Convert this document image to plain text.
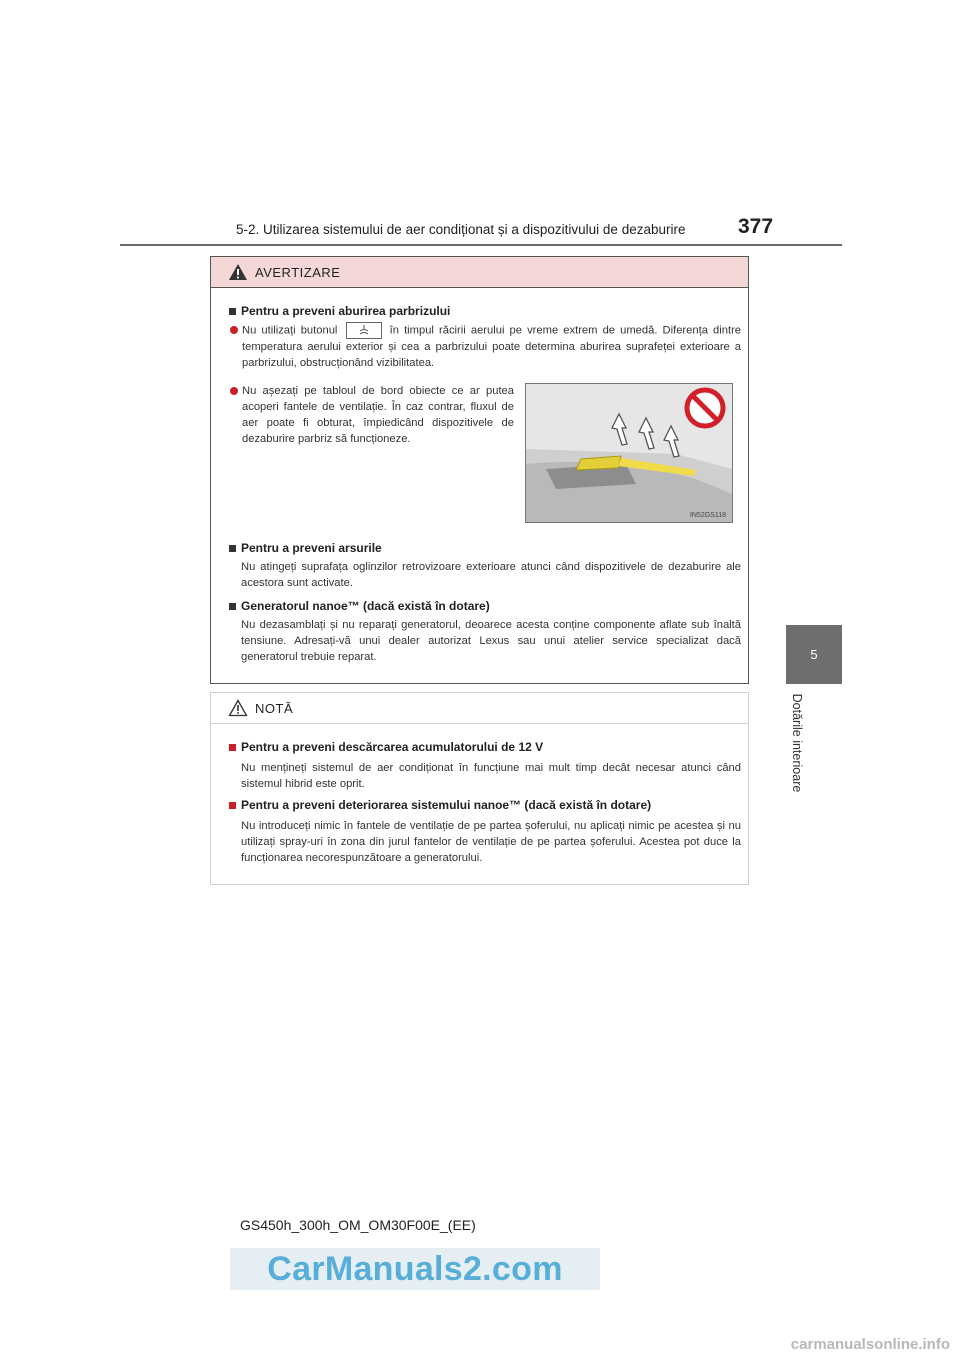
5-2. Utilizarea sistemului de aer condiționat și a dispozitivului de dezaburire	377
5
Dotările interioare
AVERTIZARE
Pentru a preveni aburirea parbrizului
Nu utilizați butonul	în timpul răcirii aerului pe vreme extrem de umedă. Diferența dintre temperatura aerului exterior și cea a parbrizului poate determina aburirea suprafeței exterioare a parbrizului, obstrucționând vizibilitatea.
Nu așezați pe tabloul de bord obiecte ce ar putea acoperi fantele de ventilație. În caz contrar, fluxul de aer poate fi obturat, împiedicând dispozitivele de dezaburire parbriz să funcționeze.
IN52GS118
Pentru a preveni arsurile
Nu atingeți suprafața oglinzilor retrovizoare exterioare atunci când dispozitivele de dezaburire ale acestora sunt activate.
Generatorul nanoe™ (dacă există în dotare)
Nu dezasamblați și nu reparați generatorul, deoarece acesta conține componente aflate sub înaltă tensiune. Adresați-vă unui dealer autorizat Lexus sau unui atelier service specializat dacă generatorul trebuie reparat.
NOTĂ
Pentru a preveni descărcarea acumulatorului de 12 V
Nu mențineți sistemul de aer condiționat în funcțiune mai mult timp decât necesar atunci când sistemul hibrid este oprit.
Pentru a preveni deteriorarea sistemului nanoe™ (dacă există în dotare)
Nu introduceți nimic în fantele de ventilație de pe partea șoferului, nu aplicați nimic pe acestea și nu utilizați spray-uri în zona din jurul fantelor de ventilație de pe partea șoferului. Acestea pot duce la funcționarea necorespunzătoare a generatorului.
GS450h_300h_OM_OM30F00E_(EE)
CarManuals2.com
carmanualsonline.info
